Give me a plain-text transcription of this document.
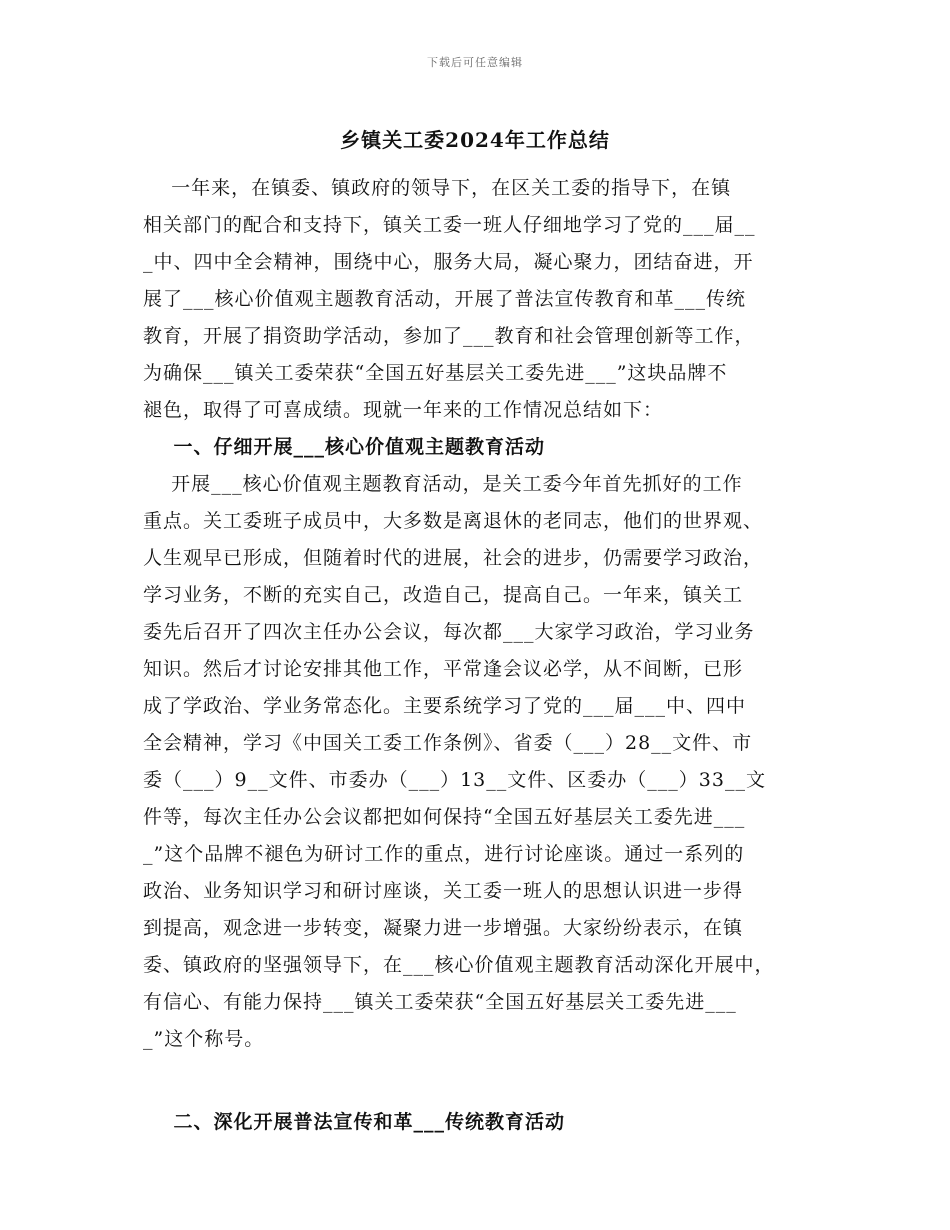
下载后可任意编辑
乡镇关工委2024年工作总结
一年来，在镇委、镇政府的领导下，在区关工委的指导下，在镇
相关部门的配合和支持下，镇关工委一班人仔细地学习了党的___届__
_中、四中全会精神，围绕中心，服务大局，凝心聚力，团结奋进，开
展了___核心价值观主题教育活动，开展了普法宣传教育和革___传统
教育，开展了捐资助学活动，参加了___教育和社会管理创新等工作，
为确保___镇关工委荣获“全国五好基层关工委先进___”这块品牌不
褪色，取得了可喜成绩。现就一年来的工作情况总结如下：
一、仔细开展___核心价值观主题教育活动
开展___核心价值观主题教育活动，是关工委今年首先抓好的工作
重点。关工委班子成员中，大多数是离退休的老同志，他们的世界观、
人生观早已形成，但随着时代的进展，社会的进步，仍需要学习政治，
学习业务，不断的充实自己，改造自己，提高自己。一年来，镇关工
委先后召开了四次主任办公会议，每次都___大家学习政治，学习业务
知识。然后才讨论安排其他工作，平常逢会议必学，从不间断，已形
成了学政治、学业务常态化。主要系统学习了党的___届___中、四中
全会精神，学习《中国关工委工作条例》、省委（___）28__文件、市
委（___）9__文件、市委办（___）13__文件、区委办（___）33__文
件等，每次主任办公会议都把如何保持“全国五好基层关工委先进___
_”这个品牌不褪色为研讨工作的重点，进行讨论座谈。通过一系列的
政治、业务知识学习和研讨座谈，关工委一班人的思想认识进一步得
到提高，观念进一步转变，凝聚力进一步增强。大家纷纷表示，在镇
委、镇政府的坚强领导下，在___核心价值观主题教育活动深化开展中，
有信心、有能力保持___镇关工委荣获“全国五好基层关工委先进___
_”这个称号。
二、深化开展普法宣传和革___传统教育活动
